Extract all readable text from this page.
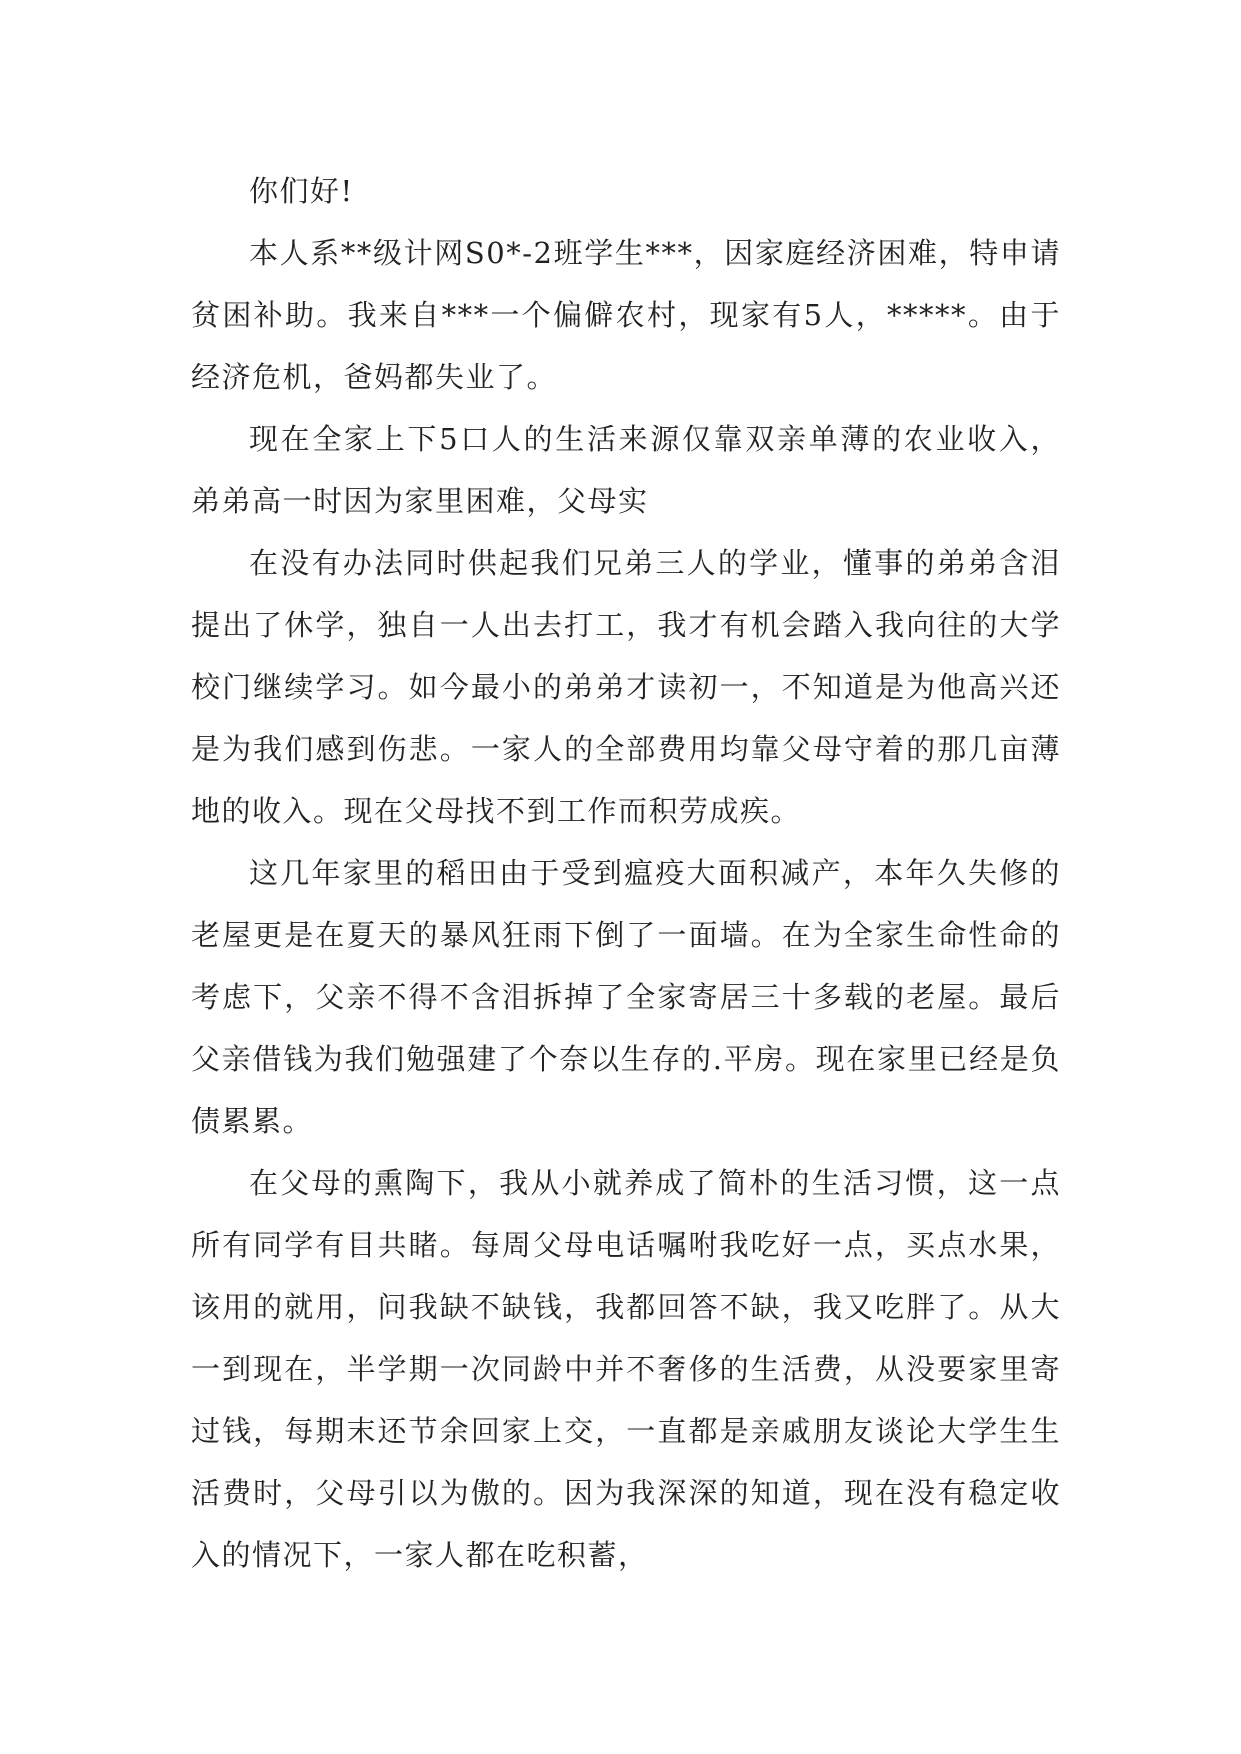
你们好!

本人系**级计网S0*-2班学生***，因家庭经济困难，特申请贫困补助。我来自***一个偏僻农村，现家有5人，*****。由于经济危机，爸妈都失业了。

现在全家上下5口人的生活来源仅靠双亲单薄的农业收入，弟弟高一时因为家里困难，父母实

在没有办法同时供起我们兄弟三人的学业，懂事的弟弟含泪提出了休学，独自一人出去打工，我才有机会踏入我向往的大学校门继续学习。如今最小的弟弟才读初一，不知道是为他高兴还是为我们感到伤悲。一家人的全部费用均靠父母守着的那几亩薄地的收入。现在父母找不到工作而积劳成疾。

这几年家里的稻田由于受到瘟疫大面积减产，本年久失修的老屋更是在夏天的暴风狂雨下倒了一面墙。在为全家生命性命的考虑下，父亲不得不含泪拆掉了全家寄居三十多载的老屋。最后父亲借钱为我们勉强建了个奈以生存的.平房。现在家里已经是负债累累。

在父母的熏陶下，我从小就养成了简朴的生活习惯，这一点所有同学有目共睹。每周父母电话嘱咐我吃好一点，买点水果，该用的就用，问我缺不缺钱，我都回答不缺，我又吃胖了。从大一到现在，半学期一次同龄中并不奢侈的生活费，从没要家里寄过钱，每期末还节余回家上交，一直都是亲戚朋友谈论大学生生活费时，父母引以为傲的。因为我深深的知道，现在没有稳定收入的情况下，一家人都在吃积蓄，
